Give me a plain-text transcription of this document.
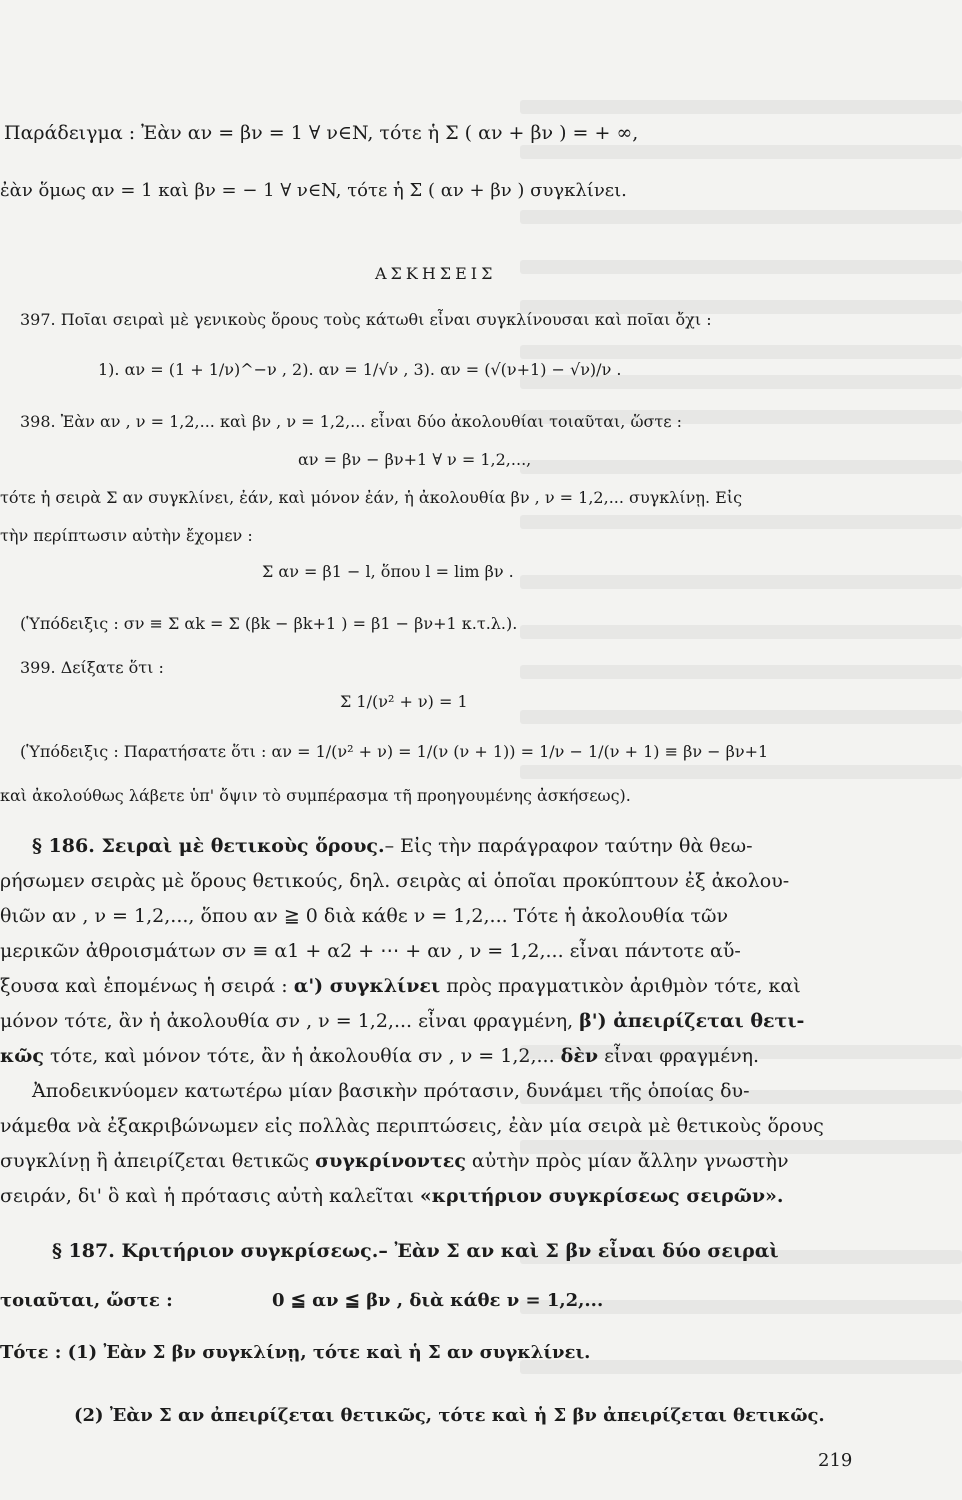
Παράδειγμα : Ἐὰν αν = βν = 1 ∀ ν∈N, τότε ἡ Σ ( αν + βν ) = + ∞,
ἐὰν ὅμως αν = 1 καὶ βν = − 1 ∀ ν∈N, τότε ἡ Σ ( αν + βν ) συγκλίνει.
ΑΣΚΗΣΕΙΣ
397. Ποῖαι σειραὶ μὲ γενικοὺς ὅρους τοὺς κάτωθι εἶναι συγκλίνουσαι καὶ ποῖαι ὄχι :
1). αν = (1 + 1/ν)^−ν , 2). αν = 1/√ν , 3). αν = (√(ν+1) − √ν)/ν .
398. Ἐὰν αν , ν = 1,2,... καὶ βν , ν = 1,2,... εἶναι δύο ἀκολουθίαι τοιαῦται, ὥστε :
αν = βν − βν+1 ∀ ν = 1,2,...,
τότε ἡ σειρὰ Σ αν συγκλίνει, ἐάν, καὶ μόνον ἐάν, ἡ ἀκολουθία βν , ν = 1,2,... συγκλίνῃ. Εἰς
τὴν περίπτωσιν αὐτὴν ἔχομεν :
Σ αν = β1 − l, ὅπου l = lim βν .
(Ὑπόδειξις : σν ≡ Σ αk = Σ (βk − βk+1 ) = β1 − βν+1 κ.τ.λ.).
399. Δείξατε ὅτι :
Σ 1/(ν² + ν) = 1
(Ὑπόδειξις : Παρατήσατε ὅτι : αν = 1/(ν² + ν) = 1/(ν (ν + 1)) = 1/ν − 1/(ν + 1) ≡ βν − βν+1
καὶ ἀκολούθως λάβετε ὑπ' ὄψιν τὸ συμπέρασμα τῆ προηγουμένης ἀσκήσεως).
§ 186. Σειραὶ μὲ θετικοὺς ὅρους.– Εἰς τὴν παράγραφον ταύτην θὰ θεω-
ρήσωμεν σειρὰς μὲ ὅρους θετικούς, δηλ. σειρὰς αἱ ὁποῖαι προκύπτουν ἐξ ἀκολου-
θιῶν αν , ν = 1,2,..., ὅπου αν ≧ 0 διὰ κάθε ν = 1,2,... Τότε ἡ ἀκολουθία τῶν
μερικῶν ἀθροισμάτων σν ≡ α1 + α2 + ⋯ + αν , ν = 1,2,... εἶναι πάντοτε αὔ-
ξουσα καὶ ἑπομένως ἡ σειρά : α') συγκλίνει πρὸς πραγματικὸν ἀριθμὸν τότε, καὶ
μόνον τότε, ἂν ἡ ἀκολουθία σν , ν = 1,2,... εἶναι φραγμένη, β') ἀπειρίζεται θετι-
κῶς τότε, καὶ μόνον τότε, ἂν ἡ ἀκολουθία σν , ν = 1,2,... δὲν εἶναι φραγμένη.
Ἀποδεικνύομεν κατωτέρω μίαν βασικὴν πρότασιν, δυνάμει τῆς ὁποίας δυ-
νάμεθα νὰ ἐξακριβώνωμεν εἰς πολλὰς περιπτώσεις, ἐὰν μία σειρὰ μὲ θετικοὺς ὅρους
συγκλίνῃ ἢ ἀπειρίζεται θετικῶς συγκρίνοντες αὐτὴν πρὸς μίαν ἄλλην γνωστὴν
σειράν, δι' ὃ καὶ ἡ πρότασις αὐτὴ καλεῖται «κριτήριον συγκρίσεως σειρῶν».
§ 187. Κριτήριον συγκρίσεως.– Ἐὰν Σ αν καὶ Σ βν εἶναι δύο σειραὶ
τοιαῦται, ὥστε :	0 ≦ αν ≦ βν , διὰ κάθε ν = 1,2,...
Τότε : (1) Ἐὰν Σ βν συγκλίνῃ, τότε καὶ ἡ Σ αν συγκλίνει.
(2) Ἐὰν Σ αν ἀπειρίζεται θετικῶς, τότε καὶ ἡ Σ βν ἀπειρίζεται θετικῶς.
219
